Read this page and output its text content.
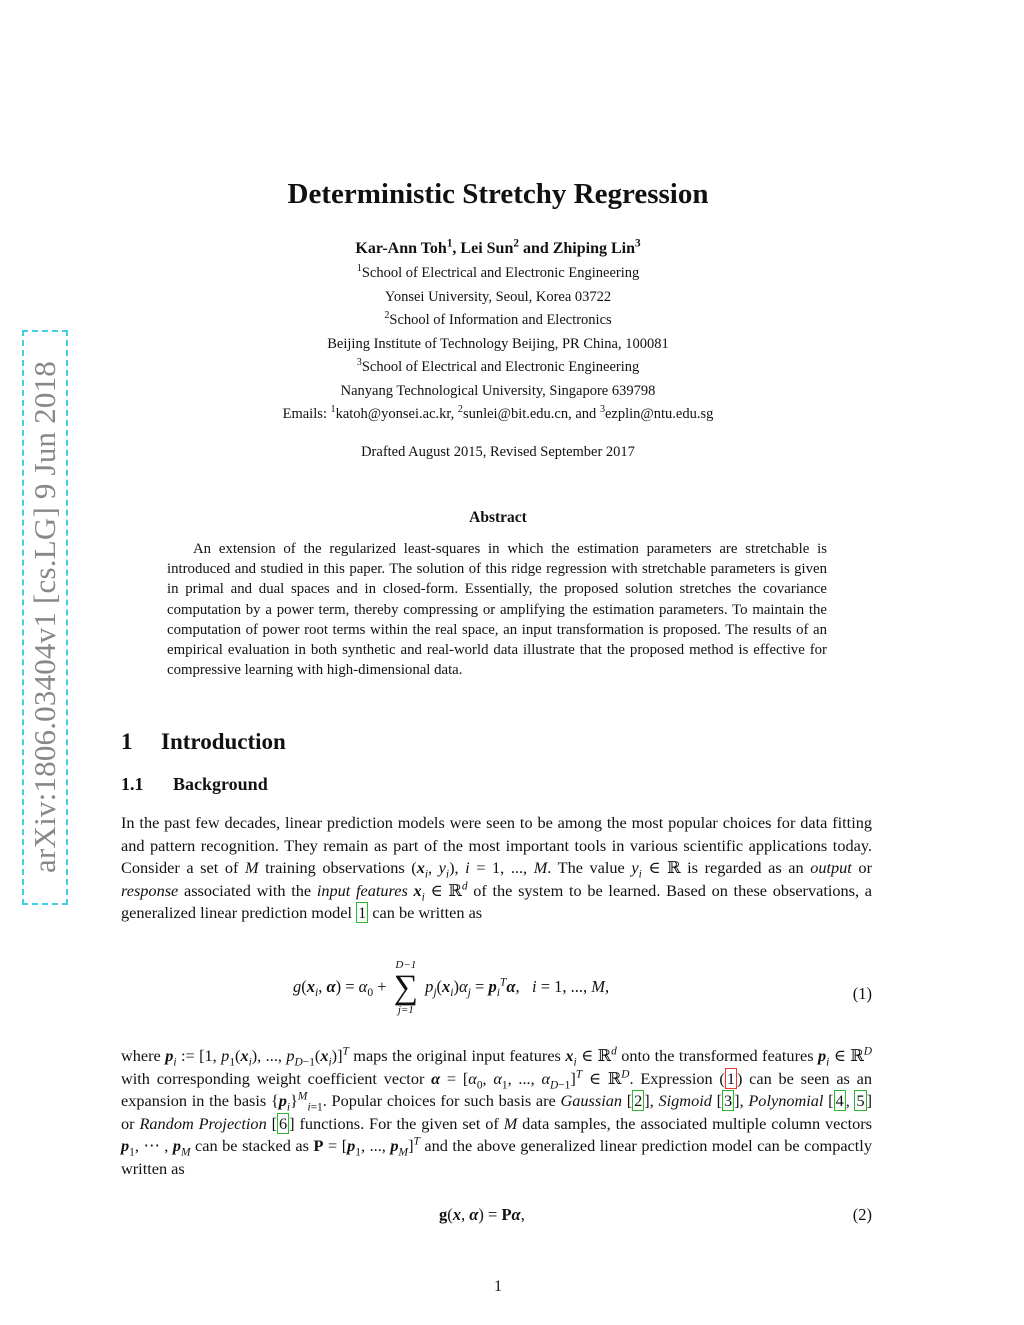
arXiv:1806.03404v1 [cs.LG] 9 Jun 2018
Deterministic Stretchy Regression
Kar-Ann Toh$^1$, Lei Sun$^2$ and Zhiping Lin$^3$
$^1$School of Electrical and Electronic Engineering
Yonsei University, Seoul, Korea 03722
$^2$School of Information and Electronics
Beijing Institute of Technology Beijing, PR China, 100081
$^3$School of Electrical and Electronic Engineering
Nanyang Technological University, Singapore 639798
Emails: $^1$katoh@yonsei.ac.kr, $^2$sunlei@bit.edu.cn, and $^3$ezplin@ntu.edu.sg
Drafted August 2015, Revised September 2017
Abstract
An extension of the regularized least-squares in which the estimation parameters are stretchable is introduced and studied in this paper. The solution of this ridge regression with stretchable parameters is given in primal and dual spaces and in closed-form. Essentially, the proposed solution stretches the covariance computation by a power term, thereby compressing or amplifying the estimation parameters. To maintain the computation of power root terms within the real space, an input transformation is proposed. The results of an empirical evaluation in both synthetic and real-world data illustrate that the proposed method is effective for compressive learning with high-dimensional data.
1 Introduction
1.1 Background
In the past few decades, linear prediction models were seen to be among the most popular choices for data fitting and pattern recognition. They remain as part of the most important tools in various scientific applications today. Consider a set of M training observations ($x_i$, $y_i$), i = 1, ..., M. The value $y_i$ ∈ ℝ is regarded as an output or response associated with the input features $x_i$ ∈ ℝ$^d$ of the system to be learned. Based on these observations, a generalized linear prediction model 1 can be written as
$g(x_i$, $\alpha) = \alpha_0$ +
D−1
∑
j=1
$p_j(x_i)\alpha_j = p_i^T\alpha$,   i = 1, ..., M,	(1)
where $p_i$ := [1, $p_1(x_i)$, ..., $p_{D-1}(x_i)]^T$ maps the original input features $x_i$ ∈ ℝ$^d$ onto the transformed features $p_i$ ∈ ℝ$^D$ with corresponding weight coefficient vector $\alpha = [\alpha_0$, $\alpha_1$, ..., $\alpha_{D-1}]^T$ ∈ ℝ$^D$. Expression ( 1 ) can be seen as an expansion in the basis $\{p_i\}^M_{i=1}$. Popular choices for such basis are Gaussian [ 2 ], Sigmoid [ 3 ], Polynomial [ 4 , 5 ] or Random Projection [ 6 ] functions. For the given set of M data samples, the associated multiple column vectors $p_1$, ⋯ , $p_M$ can be stacked as $P = [p_1$, ..., $p_M]^T$ and the above generalized linear prediction model can be compactly written as
g(x, α) = Pα,	(2)
1
